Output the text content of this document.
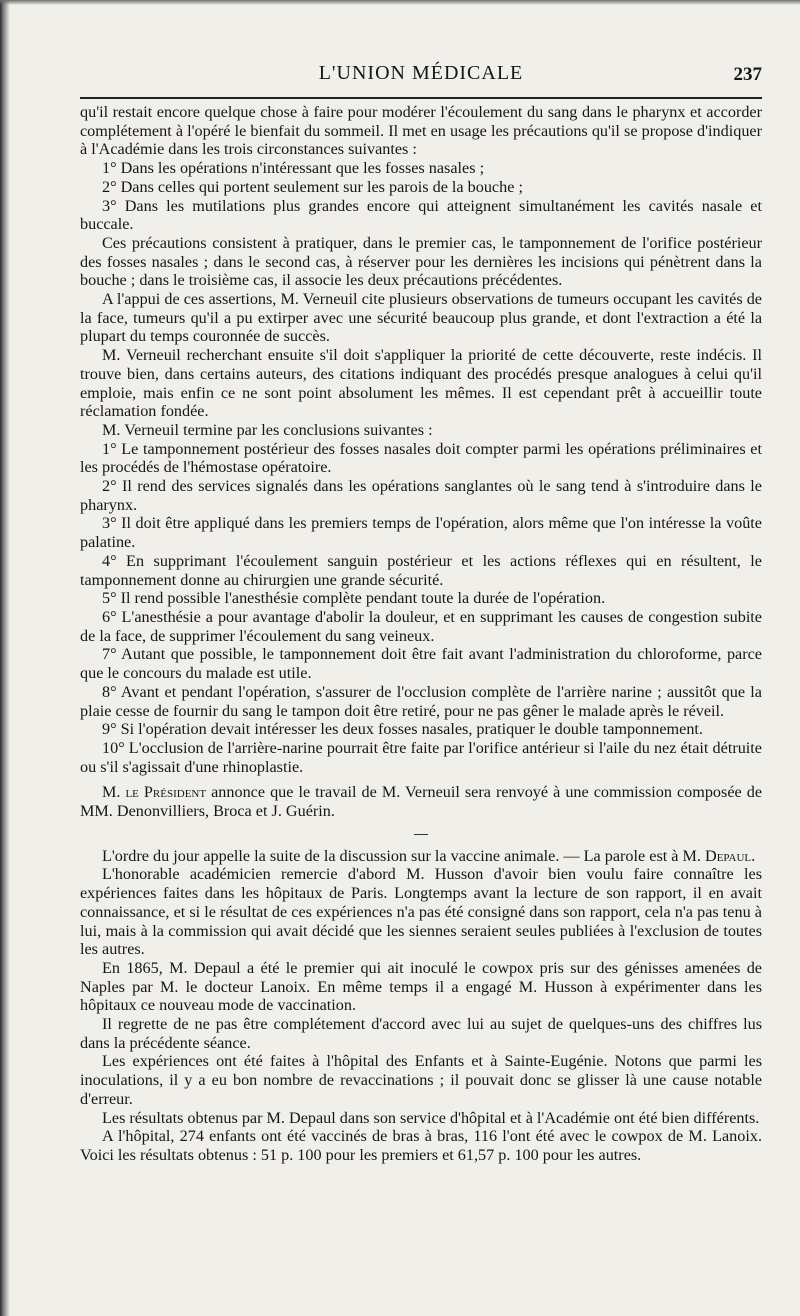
L'UNION MÉDICALE	237

qu'il restait encore quelque chose à faire pour modérer l'écoulement du sang dans le pharynx et accorder complétement à l'opéré le bienfait du sommeil. Il met en usage les précautions qu'il se propose d'indiquer à l'Académie dans les trois circonstances suivantes :

1° Dans les opérations n'intéressant que les fosses nasales ;

2° Dans celles qui portent seulement sur les parois de la bouche ;

3° Dans les mutilations plus grandes encore qui atteignent simultanément les cavités nasale et buccale.

Ces précautions consistent à pratiquer, dans le premier cas, le tamponnement de l'orifice postérieur des fosses nasales ; dans le second cas, à réserver pour les dernières les incisions qui pénètrent dans la bouche ; dans le troisième cas, il associe les deux précautions précédentes.

A l'appui de ces assertions, M. Verneuil cite plusieurs observations de tumeurs occupant les cavités de la face, tumeurs qu'il a pu extirper avec une sécurité beaucoup plus grande, et dont l'extraction a été la plupart du temps couronnée de succès.

M. Verneuil recherchant ensuite s'il doit s'appliquer la priorité de cette découverte, reste indécis. Il trouve bien, dans certains auteurs, des citations indiquant des procédés presque analogues à celui qu'il emploie, mais enfin ce ne sont point absolument les mêmes. Il est cependant prêt à accueillir toute réclamation fondée.

M. Verneuil termine par les conclusions suivantes :

1° Le tamponnement postérieur des fosses nasales doit compter parmi les opérations préliminaires et les procédés de l'hémostase opératoire.

2° Il rend des services signalés dans les opérations sanglantes où le sang tend à s'introduire dans le pharynx.

3° Il doit être appliqué dans les premiers temps de l'opération, alors même que l'on intéresse la voûte palatine.

4° En supprimant l'écoulement sanguin postérieur et les actions réflexes qui en résultent, le tamponnement donne au chirurgien une grande sécurité.

5° Il rend possible l'anesthésie complète pendant toute la durée de l'opération.

6° L'anesthésie a pour avantage d'abolir la douleur, et en supprimant les causes de congestion subite de la face, de supprimer l'écoulement du sang veineux.

7° Autant que possible, le tamponnement doit être fait avant l'administration du chloroforme, parce que le concours du malade est utile.

8° Avant et pendant l'opération, s'assurer de l'occlusion complète de l'arrière narine ; aussitôt que la plaie cesse de fournir du sang le tampon doit être retiré, pour ne pas gêner le malade après le réveil.

9° Si l'opération devait intéresser les deux fosses nasales, pratiquer le double tamponnement.

10° L'occlusion de l'arrière-narine pourrait être faite par l'orifice antérieur si l'aile du nez était détruite ou s'il s'agissait d'une rhinoplastie.

M. le Président annonce que le travail de M. Verneuil sera renvoyé à une commission composée de MM. Denonvilliers, Broca et J. Guérin.

L'ordre du jour appelle la suite de la discussion sur la vaccine animale. — La parole est à M. Depaul.

L'honorable académicien remercie d'abord M. Husson d'avoir bien voulu faire connaître les expériences faites dans les hôpitaux de Paris. Longtemps avant la lecture de son rapport, il en avait connaissance, et si le résultat de ces expériences n'a pas été consigné dans son rapport, cela n'a pas tenu à lui, mais à la commission qui avait décidé que les siennes seraient seules publiées à l'exclusion de toutes les autres.

En 1865, M. Depaul a été le premier qui ait inoculé le cowpox pris sur des génisses amenées de Naples par M. le docteur Lanoix. En même temps il a engagé M. Husson à expérimenter dans les hôpitaux ce nouveau mode de vaccination.

Il regrette de ne pas être complétement d'accord avec lui au sujet de quelques-uns des chiffres lus dans la précédente séance.

Les expériences ont été faites à l'hôpital des Enfants et à Sainte-Eugénie. Notons que parmi les inoculations, il y a eu bon nombre de revaccinations ; il pouvait donc se glisser là une cause notable d'erreur.

Les résultats obtenus par M. Depaul dans son service d'hôpital et à l'Académie ont été bien différents.

A l'hôpital, 274 enfants ont été vaccinés de bras à bras, 116 l'ont été avec le cowpox de M. Lanoix. Voici les résultats obtenus : 51 p. 100 pour les premiers et 61,57 p. 100 pour les autres.
